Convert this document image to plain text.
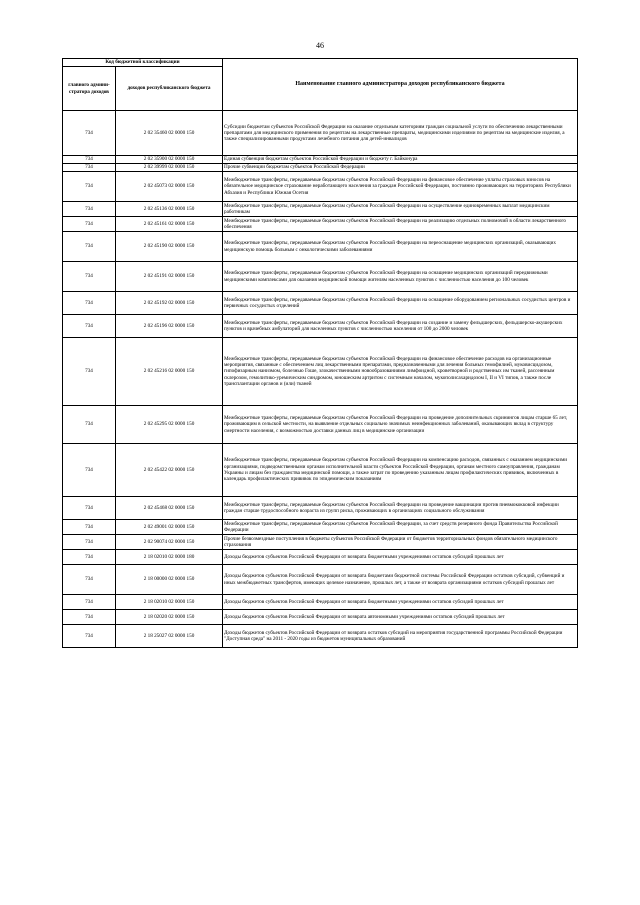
46
Код бюджетной классификации		Наименование главного администратора доходов республиканского бюджета
главного админи-стратора доходов	доходов республиканского бюджета	
734	2 02 35460 02 0000 150	Субсидии бюджетам субъектов Российской Федерации на оказание отдельным категориям граждан социальной услуги по обеспечению лекарственными препаратами для медицинского применения по рецептам на лекарственные препараты, медицинскими изделиями по рецептам на медицинские изделия, а также специализированными продуктами лечебного питания для детей-инвалидов
734	2 02 35900 02 0000 150	Единая субвенция бюджетам субъектов Российской Федерации и бюджету г. Байконура
734	2 02 39999 02 0000 150	Прочие субвенции бюджетам субъектов Российской Федерации
734	2 02 45073 02 0000 150	Межбюджетные трансферты, передаваемые бюджетам субъектов Российской Федерации на финансовое обеспечение уплаты страховых взносов на обязательное медицинское страхование неработающего населения за граждан Российской Федерации, постоянно проживающих на территориях Республики Абхазия и Республики Южная Осетия
734	2 02 45136 02 0000 150	Межбюджетные трансферты, передаваемые бюджетам субъектов Российской Федерации на осуществление единовременных выплат медицинским работникам
734	2 02 45161 02 0000 150	Межбюджетные трансферты, передаваемые бюджетам субъектов Российской Федерации на реализацию отдельных полномочий в области лекарственного обеспечения
734	2 02 45190 02 0000 150	Межбюджетные трансферты, передаваемые бюджетам субъектов Российской Федерации на переоснащение медицинских организаций, оказывающих медицинскую помощь больным с онкологическими заболеваниями
734	2 02 45191 02 0000 150	Межбюджетные трансферты, передаваемые бюджетам субъектов Российской Федерации на оснащение медицинских организаций передвижными медицинскими комплексами для оказания медицинской помощи жителям населенных пунктов с численностью населения до 100 человек
734	2 02 45192 02 0000 150	Межбюджетные трансферты, передаваемые бюджетам субъектов Российской Федерации на оснащение оборудованием региональных сосудистых центров и первичных сосудистых отделений
734	2 02 45196 02 0000 150	Межбюджетные трансферты, передаваемые бюджетам субъектов Российской Федерации на создание и замену фельдшерских, фельдшерско-акушерских пунктов и врачебных амбулаторий для населенных пунктов с численностью населения от 100 до 2000 человек
734	2 02 45216 02 0000 150	Межбюджетные трансферты, передаваемые бюджетам субъектов Российской Федерации на финансовое обеспечение расходов на организационные мероприятия, связанные с обеспечением лиц лекарственными препаратами, предназначенными для лечения больных гемофилией, муковисцидозом, гипофизарным нанизмом, болезнью Гоше, злокачественными новообразованиями лимфоидной, кроветворной и родственных им тканей, рассеянным склерозом, гемолитико-уремическим синдромом, юношеским артритом с системным началом, мукополисахаридозом I, II и VI типов, а также после трансплантации органов и (или) тканей
734	2 02 45295 02 0000 150	Межбюджетные трансферты, передаваемые бюджетам субъектов Российской Федерации на проведение дополнительных скринингов лицам старше 65 лет, проживающим в сельской местности, на выявление отдельных социально значимых неинфекционных заболеваний, оказывающих вклад в структуру смертности населения, с возможностью доставки данных лиц в медицинские организации
734	2 02 45422 02 0000 150	Межбюджетные трансферты, передаваемые бюджетам субъектов Российской Федерации на компенсацию расходов, связанных с оказанием медицинскими организациями, подведомственными органам исполнительной власти субъектов Российской Федерации, органам местного самоуправления, гражданам Украины и лицам без гражданства медицинской помощи, а также затрат по проведению указанным лицам профилактических прививок, включенных в календарь профилактических прививок по эпидемическим показаниям
734	2 02 45468 02 0000 150	Межбюджетные трансферты, передаваемые бюджетам субъектов Российской Федерации на проведение вакцинации против пневмококковой инфекции граждан старше трудоспособного возраста из групп риска, проживающих в организациях социального обслуживания
734	2 02 49001 02 0000 150	Межбюджетные трансферты, передаваемые бюджетам субъектов Российской Федерации, за счет средств резервного фонда Правительства Российской Федерации
734	2 02 90074 02 0000 150	Прочие безвозмездные поступления в бюджеты субъектов Российской Федерации от бюджетов территориальных фондов обязательного медицинского страхования
734	2 18 02010 02 0000 180	Доходы бюджетов субъектов Российской Федерации от возврата бюджетными учреждениями остатков субсидий прошлых лет
734	2 18 00000 02 0000 150	Доходы бюджетов субъектов Российской Федерации от возврата бюджетами бюджетной системы Российской Федерации остатков субсидий, субвенций и иных межбюджетных трансфертов, имеющих целевое назначение, прошлых лет, а также от возврата организациями остатков субсидий прошлых лет
734	2 18 02010 02 0000 150	Доходы бюджетов субъектов Российской Федерации от возврата бюджетными учреждениями остатков субсидий прошлых лет
734	2 18 02020 02 0000 150	Доходы бюджетов субъектов Российской Федерации от возврата автономными учреждениями остатков субсидий прошлых лет
734	2 18 25027 02 0000 150	Доходы бюджетов субъектов Российской Федерации от возврата остатков субсидий на мероприятия государственной программы Российской Федерации "Доступная среда" на 2011 - 2020 годы из бюджетов муниципальных образований
